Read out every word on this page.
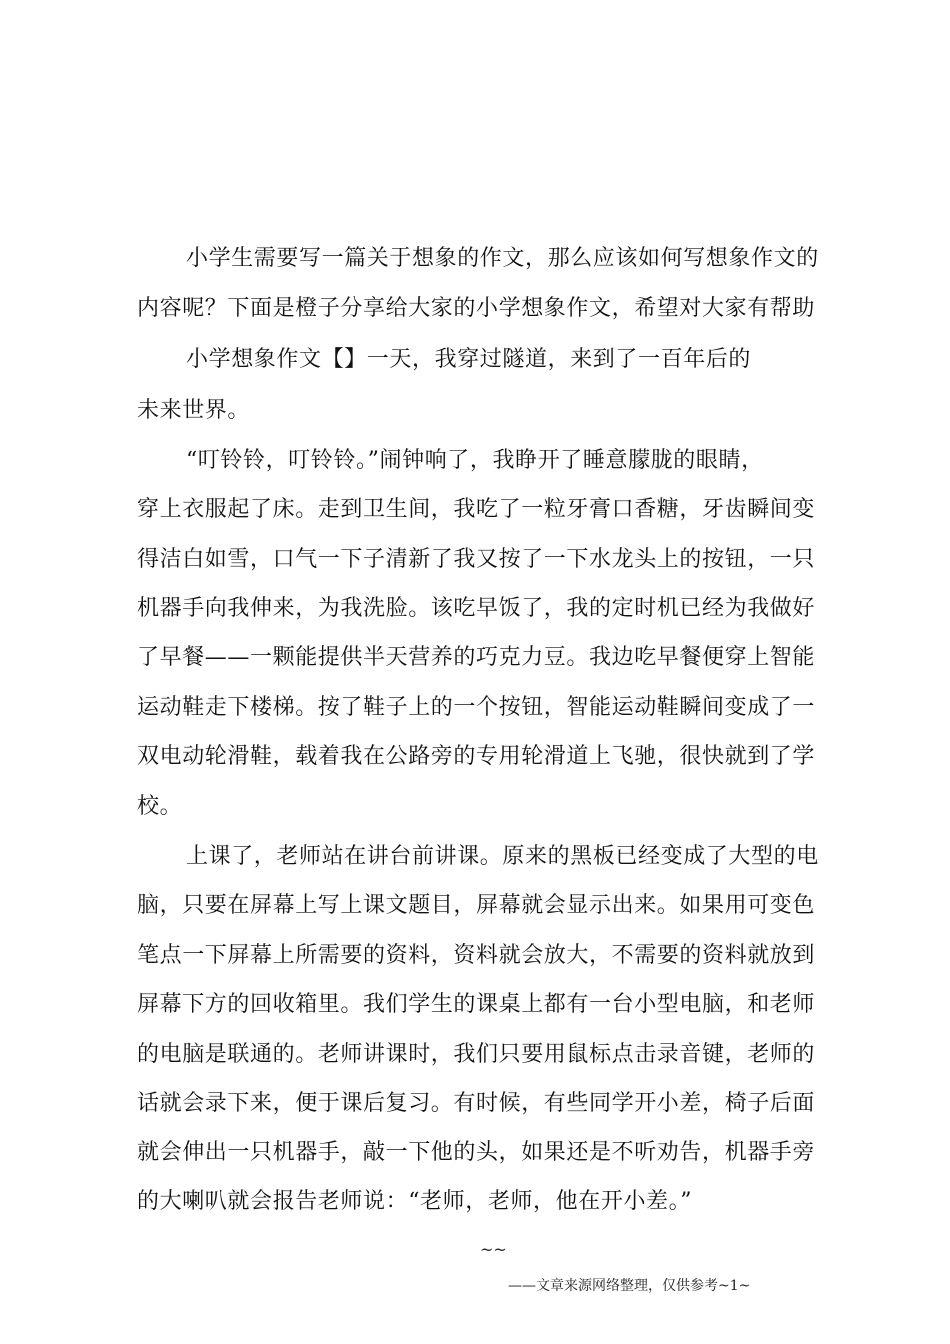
小学生需要写一篇关于想象的作文，那么应该如何写想象作文的
内容呢？下面是橙子分享给大家的小学想象作文，希望对大家有帮助
小学想象作文【】一天，我穿过隧道，来到了一百年后的
未来世界。
“叮铃铃，叮铃铃。”闹钟响了，我睁开了睡意朦胧的眼睛，
穿上衣服起了床。走到卫生间，我吃了一粒牙膏口香糖，牙齿瞬间变
得洁白如雪，口气一下子清新了我又按了一下水龙头上的按钮，一只
机器手向我伸来，为我洗脸。该吃早饭了，我的定时机已经为我做好
了早餐——一颗能提供半天营养的巧克力豆。我边吃早餐便穿上智能
运动鞋走下楼梯。按了鞋子上的一个按钮，智能运动鞋瞬间变成了一
双电动轮滑鞋，载着我在公路旁的专用轮滑道上飞驰，很快就到了学
校。
上课了，老师站在讲台前讲课。原来的黑板已经变成了大型的电
脑，只要在屏幕上写上课文题目，屏幕就会显示出来。如果用可变色
笔点一下屏幕上所需要的资料，资料就会放大，不需要的资料就放到
屏幕下方的回收箱里。我们学生的课桌上都有一台小型电脑，和老师
的电脑是联通的。老师讲课时，我们只要用鼠标点击录音键，老师的
话就会录下来，便于课后复习。有时候，有些同学开小差，椅子后面
就会伸出一只机器手，敲一下他的头，如果还是不听劝告，机器手旁
的大喇叭就会报告老师说：“老师，老师，他在开小差。”
~~
——文章来源网络整理，仅供参考~1~
